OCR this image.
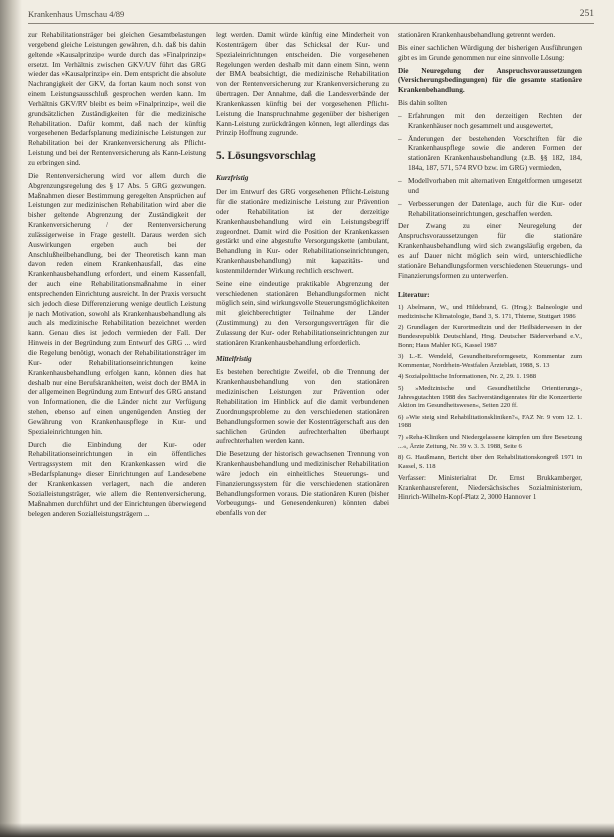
Krankenhaus Umschau 4/89	251

zur Rehabilitationsträger bei gleichen Gesamtbelastungen vergebend gleiche Leistungen gewähren, d.h. daß bis dahin geltende »Kausalprinzip« wurde durch das »Finalprinzip« ersetzt. Im Verhältnis zwischen GKV/UV führt das GRG wieder das »Kausalprinzip« ein. Dem entspricht die absolute Nachrangigkeit der GKV, da fortan kaum noch sonst von einem Leistungsausschluß gesprochen werden kann. Im Verhältnis GKV/RV bleibt es beim »Finalprinzip«, weil die grundsätzlichen Zuständigkeiten für die medizinische Rehabilitation. Dafür kommt, daß nach der künftig vorgesehenen Bedarfsplanung medizinische Leistungen zur Rehabilitation bei der Krankenversicherung als Pflicht-Leistung und bei der Rentenversicherung als Kann-Leistung zu erbringen sind.

Die Rentenversicherung wird vor allem durch die Abgrenzungsregelung des § 17 Abs. 5 GRG gezwungen. Maßnahmen dieser Bestimmung geregelten Ansprüchen auf Leistungen zur medizinischen Rehabilitation wird aber die bisher geltende Abgrenzung der Zuständigkeit der Krankenversicherung / der Rentenversicherung zulässigerweise in Frage gestellt. Daraus werden sich Auswirkungen ergeben auch bei der Anschlußheilbehandlung, bei der Theoretisch kann man davon reden einem Krankenhausfall, das eine Krankenhausbehandlung erfordert, und einem Kassenfall, der auch eine Rehabilitationsmaßnahme in einer entsprechenden Einrichtung ausreicht. In der Praxis versucht sich jedoch diese Differenzierung wenige deutlich Leistung je nach Motivation, sowohl als Krankenhausbehandlung als auch als medizinische Rehabilitation bezeichnet werden kann. Genau dies ist jedoch vermieden der Fall. Der Hinweis in der Begründung zum Entwurf des GRG ... wird die Regelung benötigt, wonach der Rehabilitationsträger im Kur- oder Rehabilitationseinrichtungen keine Krankenhausbehandlung erfolgen kann, können dies hat deshalb nur eine Berufskrankheiten, weist doch der BMA in der allgemeinen Begründung zum Entwurf des GRG anstand von Informationen, die die Länder nicht zur Verfügung stehen, ebenso auf einen ungenügenden Anstieg der Gewährung von Krankenhauspflege in Kur- und Spezialeinrichtungen hin.

Durch die Einbindung der Kur- oder Rehabilitationseinrichtungen in ein öffentliches Vertragssystem mit den Krankenkassen wird die »Bedarfsplanung« dieser Einrichtungen auf Landesebene der Krankenkassen verlagert, nach die anderen Sozialleistungsträger, wie allem die Rentenversicherung, Maßnahmen durchführt und der Einrichtungen überwiegend belegen anderen Sozialleistungsträgern ...

legt werden. Damit würde künftig eine Minderheit von Kostenträgern über das Schicksal der Kur- und Spezialeinrichtungen entscheiden. Die vorgesehenen Regelungen werden deshalb mit dann einem Sinn, wenn der BMA beabsichtigt, die medizinische Rehabilitation von der Rentenversicherung zur Krankenversicherung zu übertragen. Der Annahme, daß die Landesverbände der Krankenkassen künftig bei der vorgesehenen Pflicht-Leistung die Inanspruchnahme gegenüber der bisherigen Kann-Leistung zurückdrängen können, legt allerdings das Prinzip Hoffnung zugrunde.

5. Lösungsvorschlag
Kurzfristig

Der im Entwurf des GRG vorgesehenen Pflicht-Leistung für die stationäre medizinische Leistung zur Prävention oder Rehabilitation ist der derzeitige Krankenhausbehandlung wird ein Leistungsbegriff zugeordnet. Damit wird die Position der Krankenkassen gestärkt und eine abgestufte Versorgungskette (ambulant, Behandlung in Kur- oder Rehabilitationseinrichtungen, Krankenhausbehandlung) mit kapazitäts- und kostenmildernder Wirkung rechtlich erschwert.

Seine eine eindeutige praktikable Abgrenzung der verschiedenen stationären Behandlungsformen nicht möglich sein, sind wirkungsvolle Steuerungsmöglichkeiten mit gleichberechtigter Teilnahme der Länder (Zustimmung) zu den Versorgungsverträgen für die Zulassung der Kur- oder Rehabilitationseinrichtungen zur stationären Krankenhausbehandlung erforderlich.

Mittelfristig

Es bestehen berechtigte Zweifel, ob die Trennung der Krankenhausbehandlung von den stationären medizinischen Leistungen zur Prävention oder Rehabilitation im Hinblick auf die damit verbundenen Zuordnungsprobleme zu den verschiedenen stationären Behandlungsformen sowie der Kostenträgerschaft aus den sachlichen Gründen aufrechterhalten überhaupt aufrechterhalten werden kann.

Die Besetzung der historisch gewachsenen Trennung von Krankenhausbehandlung und medizinischer Rehabilitation wäre jedoch ein einheitliches Steuerungs- und Finanzierungssystem für die verschiedenen stationären Behandlungsformen voraus. Die stationären Kuren (bisher Vorbeugungs- und Genesendenkuren) könnten dabei ebenfalls von der

stationären Krankenhausbehandlung getrennt werden.

Bis einer sachlichen Würdigung der bisherigen Ausführungen gibt es im Grunde genommen nur eine sinnvolle Lösung:

Die Neuregelung der Anspruchsvoraussetzungen (Versicherungsbedingungen) für die gesamte stationäre Krankenbehandlung.

Bis dahin sollten

– Erfahrungen mit den derzeitigen Rechten der Krankenhäuser noch gesammelt und ausgewertet,
– Änderungen der bestehenden Vorschriften für die Krankenhauspflege sowie die anderen Formen der stationären Krankenhausbehandlung (z.B. §§ 182, 184, 184a, 187, 571, 574 RVO bzw. im GRG) vermieden,
– Modellvorhaben mit alternativen Entgeltformen umgesetzt und
– Verbesserungen der Datenlage, auch für die Kur- oder Rehabilitationseinrichtungen, geschaffen werden.

Der Zwang zu einer Neuregelung der Anspruchsvoraussetzungen für die stationäre Krankenhausbehandlung wird sich zwangsläufig ergeben, da es auf Dauer nicht möglich sein wird, unterschiedliche stationäre Behandlungsformen verschiedenen Steuerungs- und Finanzierungsformen zu unterwerfen.

Literatur:

1) Abelmann, W., und Hildebrand, G. (Hrsg.): Balneologie und medizinische Klimatologie, Band 3, S. 171, Thieme, Stuttgart 1986

2) Grundlagen der Kurortmedizin und der Heilbäderwesen in der Bundesrepublik Deutschland, Hrsg. Deutscher Bäderverband e.V., Bonn; Haus Mahler KG, Kassel 1987

3) L.-E. Wendeld, Gesundheitsreformgesetz, Kommentar zum Kommentar, Nordrhein-Westfalen Ärzteblatt, 1988, S. 13

4) Sozialpolitische Informationen, Nr. 2, 29. 1. 1988

5) »Medizinische und Gesundheitliche Orientierungs-, Jahresgutachten 1988 des Sachverständigenrates für die Konzertierte Aktion im Gesundheitswesen«, Seiten 220 ff.

6) »Wie steig sind Rehabilitationskliniken?«, FAZ Nr. 9 vom 12. 1. 1988

7) »Reha-Kliniken und Niedergelassene kämpfen um ihre Besetzung ...«, Ärzte Zeitung, Nr. 39 v. 3. 3. 1988, Seite 6

8) G. Haußmann, Bericht über den Rehabilitationskongreß 1971 in Kassel, S. 118

Verfasser: Ministerialrat Dr. Ernst Brukkamberger, Krankenhausreferent, Niedersächsisches Sozialministerium, Hinrich-Wilhelm-Kopf-Platz 2, 3000 Hannover 1
